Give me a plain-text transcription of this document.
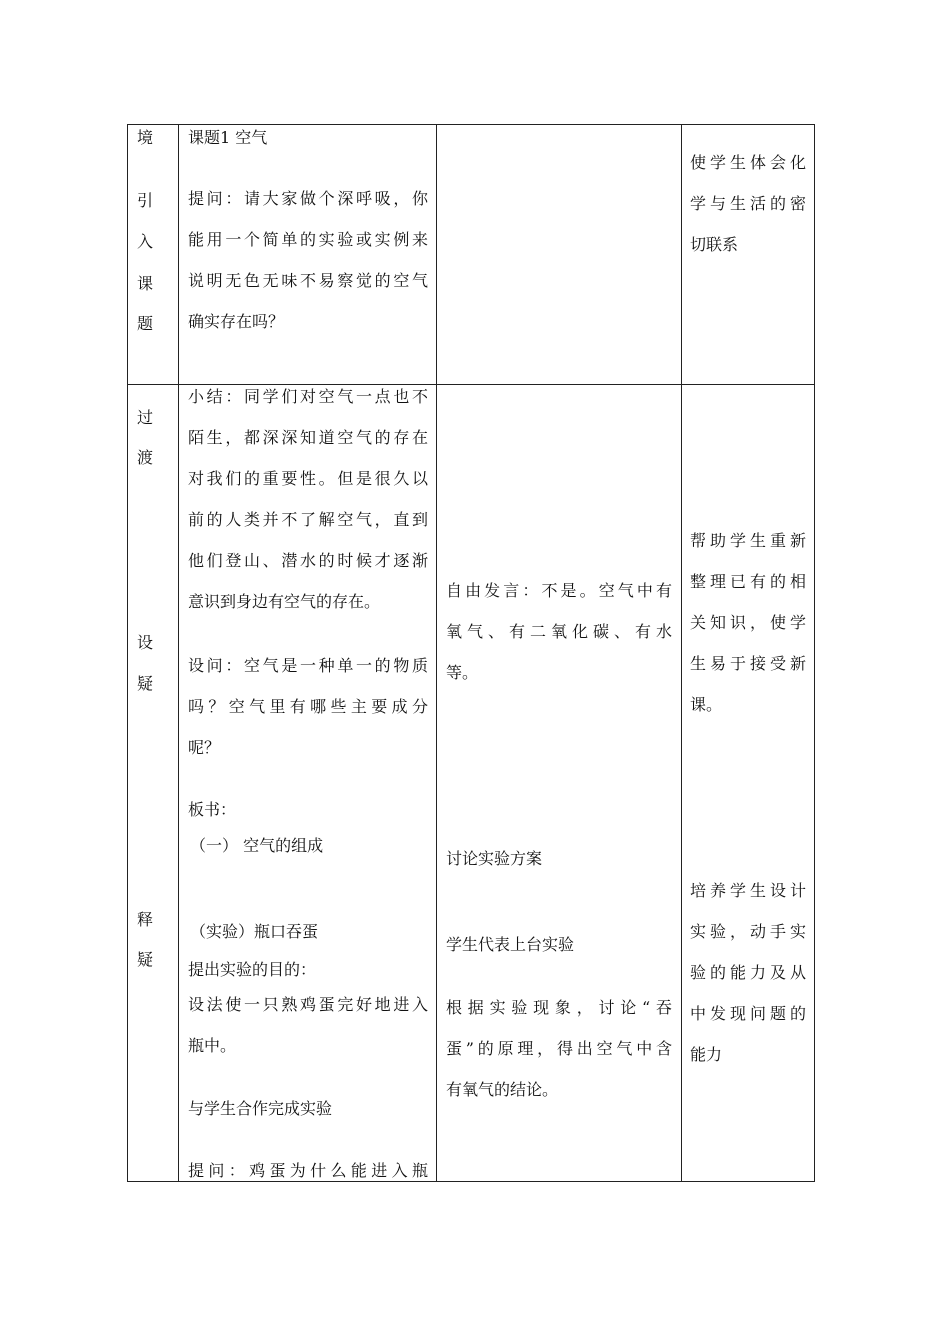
境
引
入
课
题
课题1 空气
提问：请大家做个深呼吸，你
能用一个简单的实验或实例来
说明无色无味不易察觉的空气
确实存在吗？
使学生体会化
学与生活的密
切联系
过
渡
设
疑
释
疑
小结：同学们对空气一点也不
陌生，都深深知道空气的存在
对我们的重要性。但是很久以
前的人类并不了解空气，直到
他们登山、潜水的时候才逐渐
意识到身边有空气的存在。
设问：空气是一种单一的物质
吗？空气里有哪些主要成分
呢？
板书：
（一） 空气的组成
（实验）瓶口吞蛋
提出实验的目的：
设法使一只熟鸡蛋完好地进入
瓶中。
与学生合作完成实验
提问：鸡蛋为什么能进入瓶
自由发言：不是。空气中有
氧气、有二氧化碳、有水
等。
讨论实验方案
学生代表上台实验
根据实验现象，讨论“吞
蛋”的原理，得出空气中含
有氧气的结论。
帮助学生重新
整理已有的相
关知识，使学
生易于接受新
课。
培养学生设计
实验，动手实
验的能力及从
中发现问题的
能力
